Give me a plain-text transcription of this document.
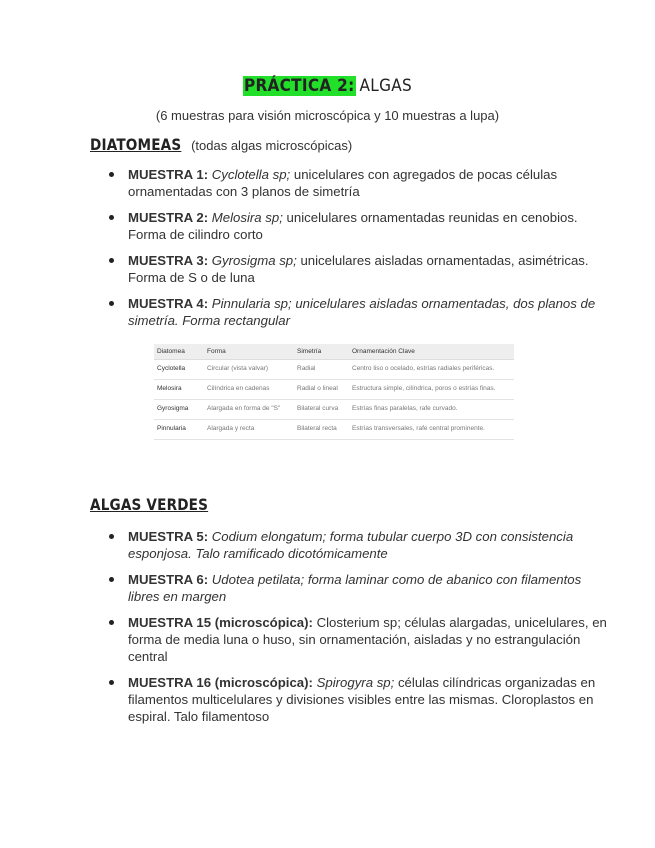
PRÁCTICA 2: ALGAS
(6 muestras para visión microscópica y 10 muestras a lupa)
DIATOMEAS (todas algas microscópicas)
MUESTRA 1: Cyclotella sp; unicelulares con agregados de pocas células ornamentadas con 3 planos de simetría
MUESTRA 2: Melosira sp; unicelulares ornamentadas reunidas en cenobios. Forma de cilindro corto
MUESTRA 3: Gyrosigma sp; unicelulares aisladas ornamentadas, asimétricas. Forma de S o de luna
MUESTRA 4: Pinnularia sp; unicelulares aisladas ornamentadas, dos planos de simetría. Forma rectangular
Diatomea	Forma	Simetría	Ornamentación Clave
Cyclotella	Circular (vista valvar)	Radial	Centro liso o ocelado, estrías radiales periféricas.
Melosira	Cilíndrica en cadenas	Radial o lineal	Estructura simple, cilíndrica, poros o estrías finas.
Gyrosigma	Alargada en forma de "S"	Bilateral curva	Estrías finas paralelas, rafe curvado.
Pinnularia	Alargada y recta	Bilateral recta	Estrías transversales, rafe central prominente.
ALGAS VERDES
MUESTRA 5: Codium elongatum; forma tubular cuerpo 3D con consistencia esponjosa. Talo ramificado dicotómicamente
MUESTRA 6: Udotea petilata; forma laminar como de abanico con filamentos libres en margen
MUESTRA 15 (microscópica): Closterium sp; células alargadas, unicelulares, en forma de media luna o huso, sin ornamentación, aisladas y no estrangulación central
MUESTRA 16 (microscópica): Spirogyra sp; células cilíndricas organizadas en filamentos multicelulares y divisiones visibles entre las mismas. Cloroplastos en espiral. Talo filamentoso
